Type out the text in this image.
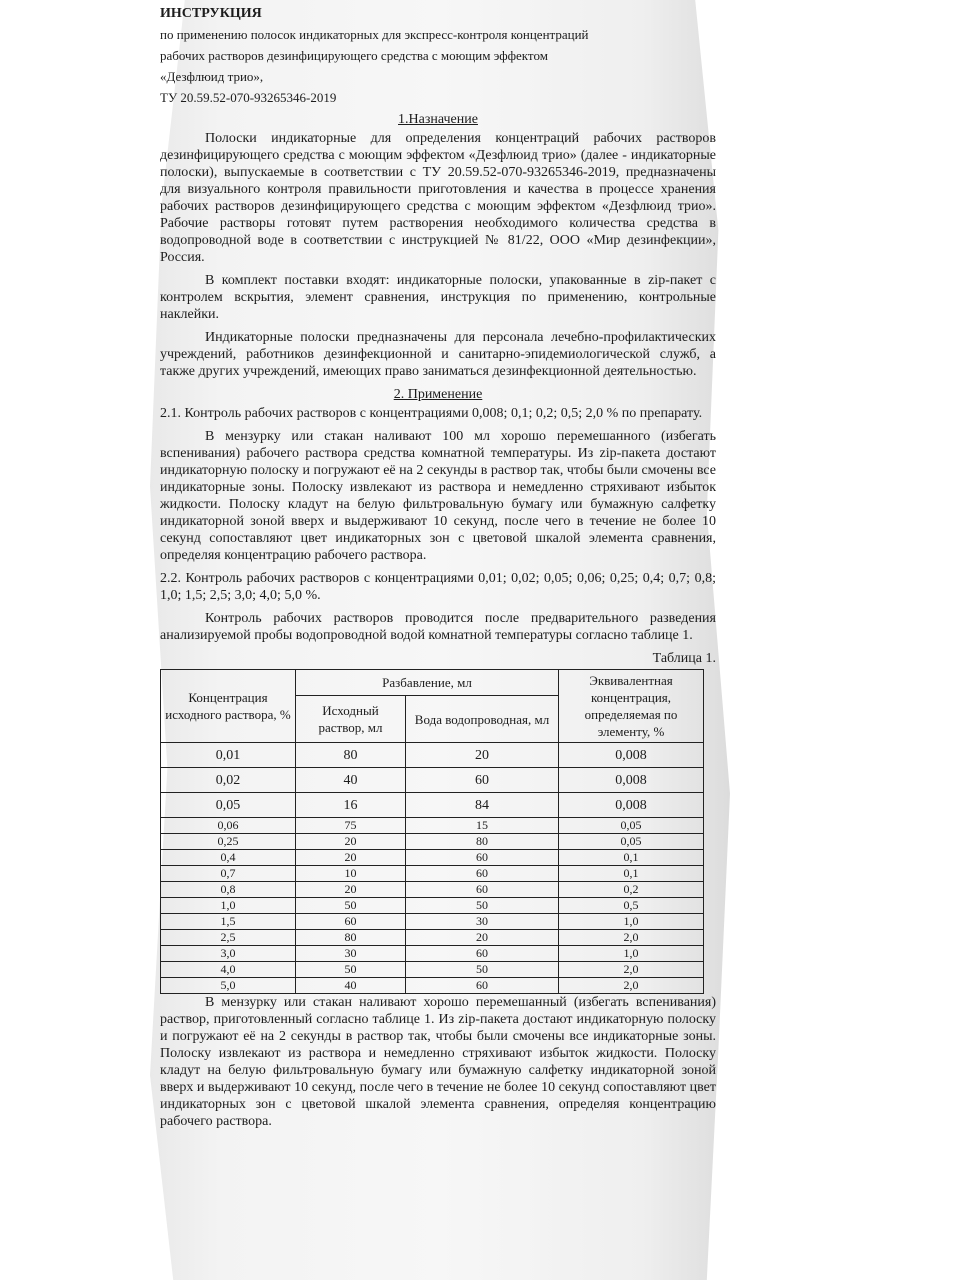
ИНСТРУКЦИЯ

по применению полосок индикаторных для экспресс-контроля концентраций

рабочих растворов дезинфицирующего средства с моющим эффектом

«Дезфлюид трио»,

ТУ 20.59.52-070-93265346-2019

1.Назначение

Полоски индикаторные для определения концентраций рабочих растворов дезинфицирующего средства с моющим эффектом «Дезфлюид трио» (далее - индикаторные полоски), выпускаемые в соответствии с ТУ 20.59.52-070-93265346-2019, предназначены для визуального контроля правильности приготовления и качества в процессе хранения рабочих растворов дезинфицирующего средства с моющим эффектом «Дезфлюид трио». Рабочие растворы готовят путем растворения необходимого количества средства в водопроводной воде в соответствии с инструкцией № 81/22, ООО «Мир дезинфекции», Россия.

В комплект поставки входят: индикаторные полоски, упакованные в zip-пакет с контролем вскрытия, элемент сравнения, инструкция по применению, контрольные наклейки.

Индикаторные полоски предназначены для персонала лечебно-профилактических учреждений, работников дезинфекционной и санитарно-эпидемиологической служб, а также других учреждений, имеющих право заниматься дезинфекционной деятельностью.

2. Применение

2.1. Контроль рабочих растворов с концентрациями 0,008; 0,1; 0,2; 0,5; 2,0 % по препарату.

В мензурку или стакан наливают 100 мл хорошо перемешанного (избегать вспенивания) рабочего раствора средства комнатной температуры. Из zip-пакета достают индикаторную полоску и погружают её на 2 секунды в раствор так, чтобы были смочены все индикаторные зоны. Полоску извлекают из раствора и немедленно стряхивают избыток жидкости. Полоску кладут на белую фильтровальную бумагу или бумажную салфетку индикаторной зоной вверх и выдерживают 10 секунд, после чего в течение не более 10 секунд сопоставляют цвет индикаторных зон с цветовой шкалой элемента сравнения, определяя концентрацию рабочего раствора.

2.2. Контроль рабочих растворов с концентрациями 0,01; 0,02; 0,05; 0,06; 0,25; 0,4; 0,7; 0,8; 1,0; 1,5; 2,5; 3,0; 4,0; 5,0 %.

Контроль рабочих растворов проводится после предварительного разведения анализируемой пробы водопроводной водой комнатной температуры согласно таблице 1.

Таблица 1.
Концентрация исходного раствора, %	Разбавление, мл		Эквивалентная концентрация, определяемая по элементу, %
	Исходный раствор, мл	Вода водопроводная, мл	
0,01	80	20	0,008
0,02	40	60	0,008
0,05	16	84	0,008
0,06	75	15	0,05
0,25	20	80	0,05
0,4	20	60	0,1
0,7	10	60	0,1
0,8	20	60	0,2
1,0	50	50	0,5
1,5	60	30	1,0
2,5	80	20	2,0
3,0	30	60	1,0
4,0	50	50	2,0
5,0	40	60	2,0

В мензурку или стакан наливают хорошо перемешанный (избегать вспенивания) раствор, приготовленный согласно таблице 1. Из zip-пакета достают индикаторную полоску и погружают её на 2 секунды в раствор так, чтобы были смочены все индикаторные зоны. Полоску извлекают из раствора и немедленно стряхивают избыток жидкости. Полоску кладут на белую фильтровальную бумагу или бумажную салфетку индикаторной зоной вверх и выдерживают 10 секунд, после чего в течение не более 10 секунд сопоставляют цвет индикаторных зон с цветовой шкалой элемента сравнения, определяя концентрацию рабочего раствора.
